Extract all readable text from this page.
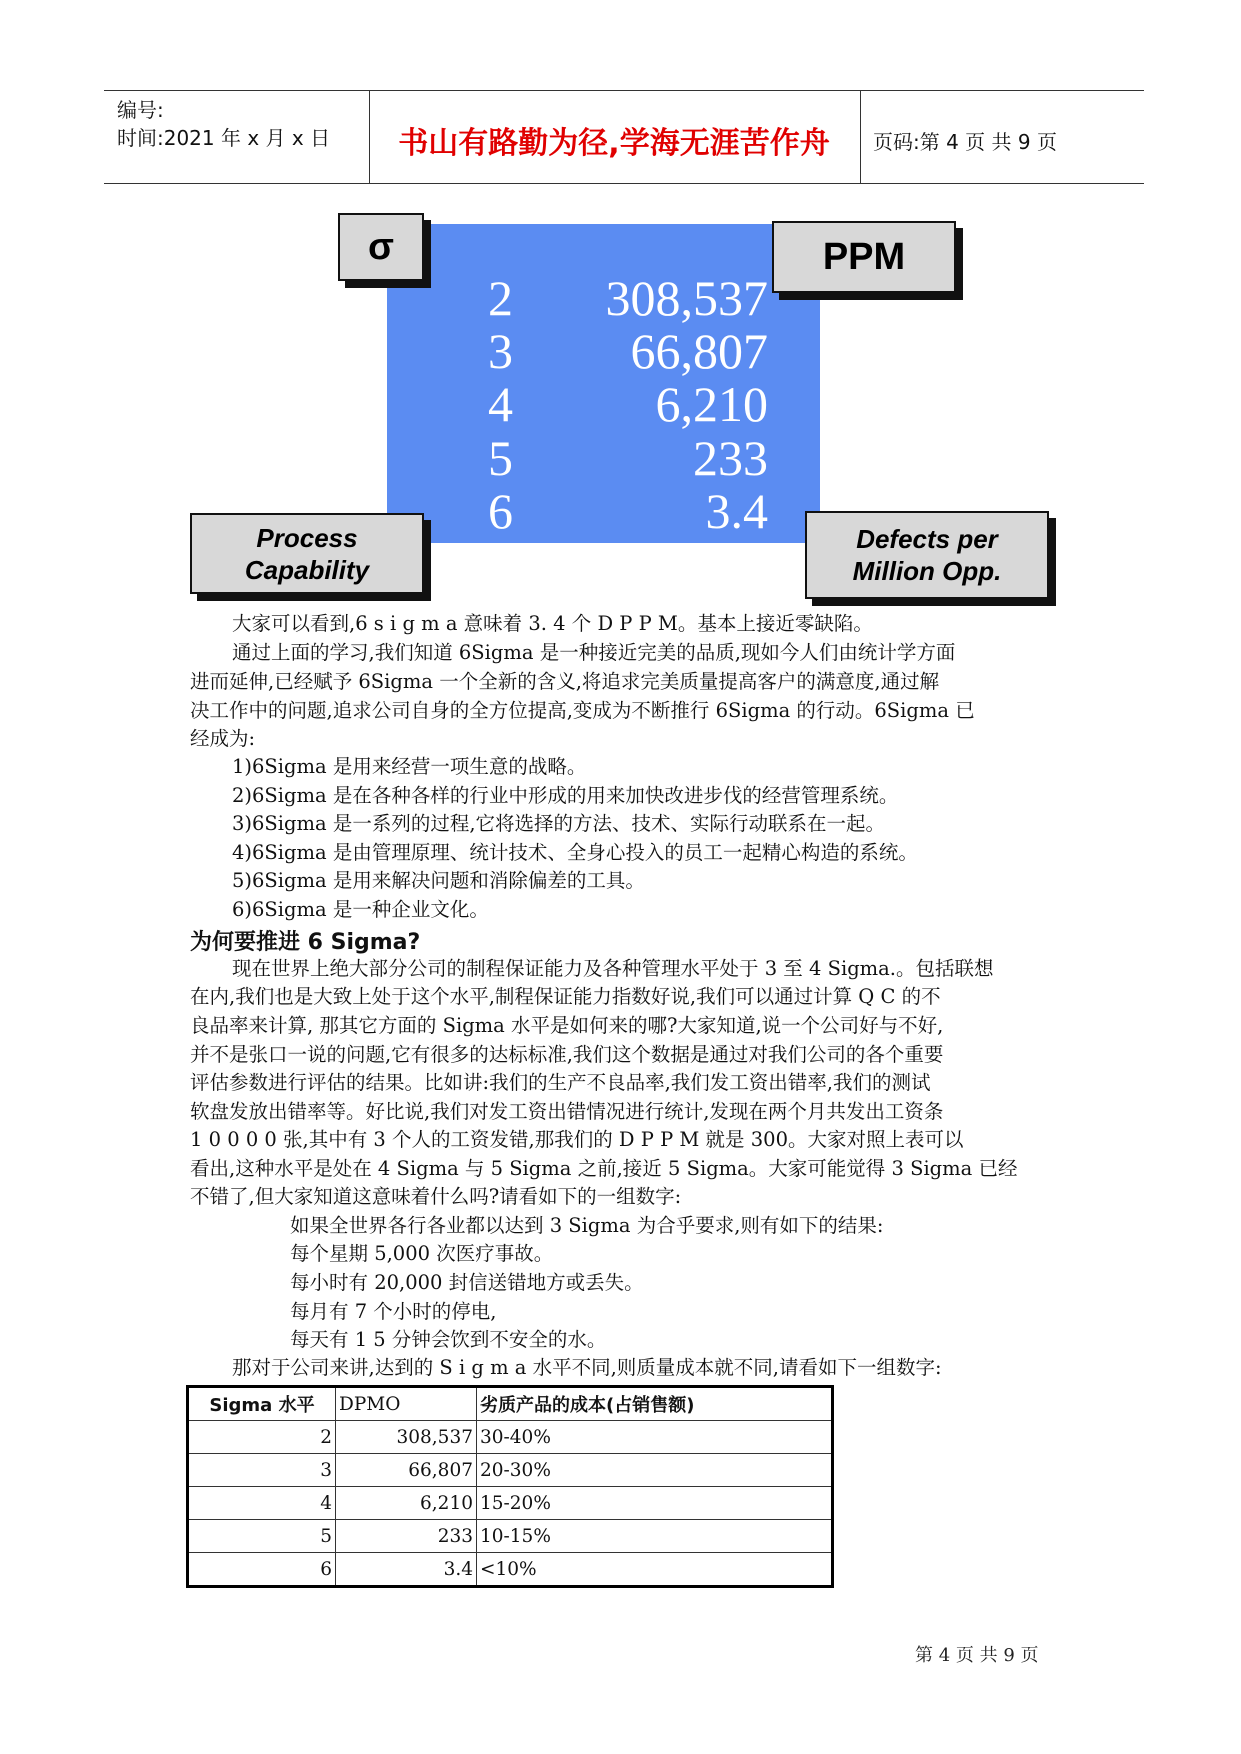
编号:
时间:2021 年 x 月 x 日	书山有路勤为径,学海无涯苦作舟	页码:第 4 页 共 9 页
2 308,537
3 66,807
4	6,210
5	233
6	3.4
σ	PPM
Process
Capability
Defects per
Million Opp.
大家可以看到,6 s i g m a 意味着 3. 4 个 D P P M。基本上接近零缺陷。
通过上面的学习,我们知道 6Sigma 是一种接近完美的品质,现如今人们由统计学方面
进而延伸,已经赋予 6Sigma 一个全新的含义,将追求完美质量提高客户的满意度,通过解
决工作中的问题,追求公司自身的全方位提高,变成为不断推行 6Sigma 的行动。6Sigma 已
经成为:
1)6Sigma 是用来经营一项生意的战略。
2)6Sigma 是在各种各样的行业中形成的用来加快改进步伐的经营管理系统。
3)6Sigma 是一系列的过程,它将选择的方法、技术、实际行动联系在一起。
4)6Sigma 是由管理原理、统计技术、全身心投入的员工一起精心构造的系统。
5)6Sigma 是用来解决问题和消除偏差的工具。
6)6Sigma 是一种企业文化。
为何要推进 6 Sigma?
现在世界上绝大部分公司的制程保证能力及各种管理水平处于 3 至 4 Sigma.。包括联想
在内,我们也是大致上处于这个水平,制程保证能力指数好说,我们可以通过计算 Q C 的不
良品率来计算, 那其它方面的 Sigma 水平是如何来的哪?大家知道,说一个公司好与不好,
并不是张口一说的问题,它有很多的达标标准,我们这个数据是通过对我们公司的各个重要
评估参数进行评估的结果。比如讲:我们的生产不良品率,我们发工资出错率,我们的测试
软盘发放出错率等。好比说,我们对发工资出错情况进行统计,发现在两个月共发出工资条
1 0 0 0 0 张,其中有 3 个人的工资发错,那我们的 D P P M 就是 300。大家对照上表可以
看出,这种水平是处在 4 Sigma 与 5 Sigma 之前,接近 5 Sigma。大家可能觉得 3 Sigma 已经
不错了,但大家知道这意味着什么吗?请看如下的一组数字:
如果全世界各行各业都以达到 3 Sigma 为合乎要求,则有如下的结果:
每个星期 5,000 次医疗事故。
每小时有 20,000 封信送错地方或丢失。
每月有 7 个小时的停电,
每天有 1 5 分钟会饮到不安全的水。
那对于公司来讲,达到的 S i g m a 水平不同,则质量成本就不同,请看如下一组数字:
Sigma 水平	DPMO	劣质产品的成本(占销售额)
2	308,537	30-40%
3	66,807	20-30%
4	6,210	15-20%
5	233	10-15%
6	3.4	<10%
第 4 页 共 9 页
